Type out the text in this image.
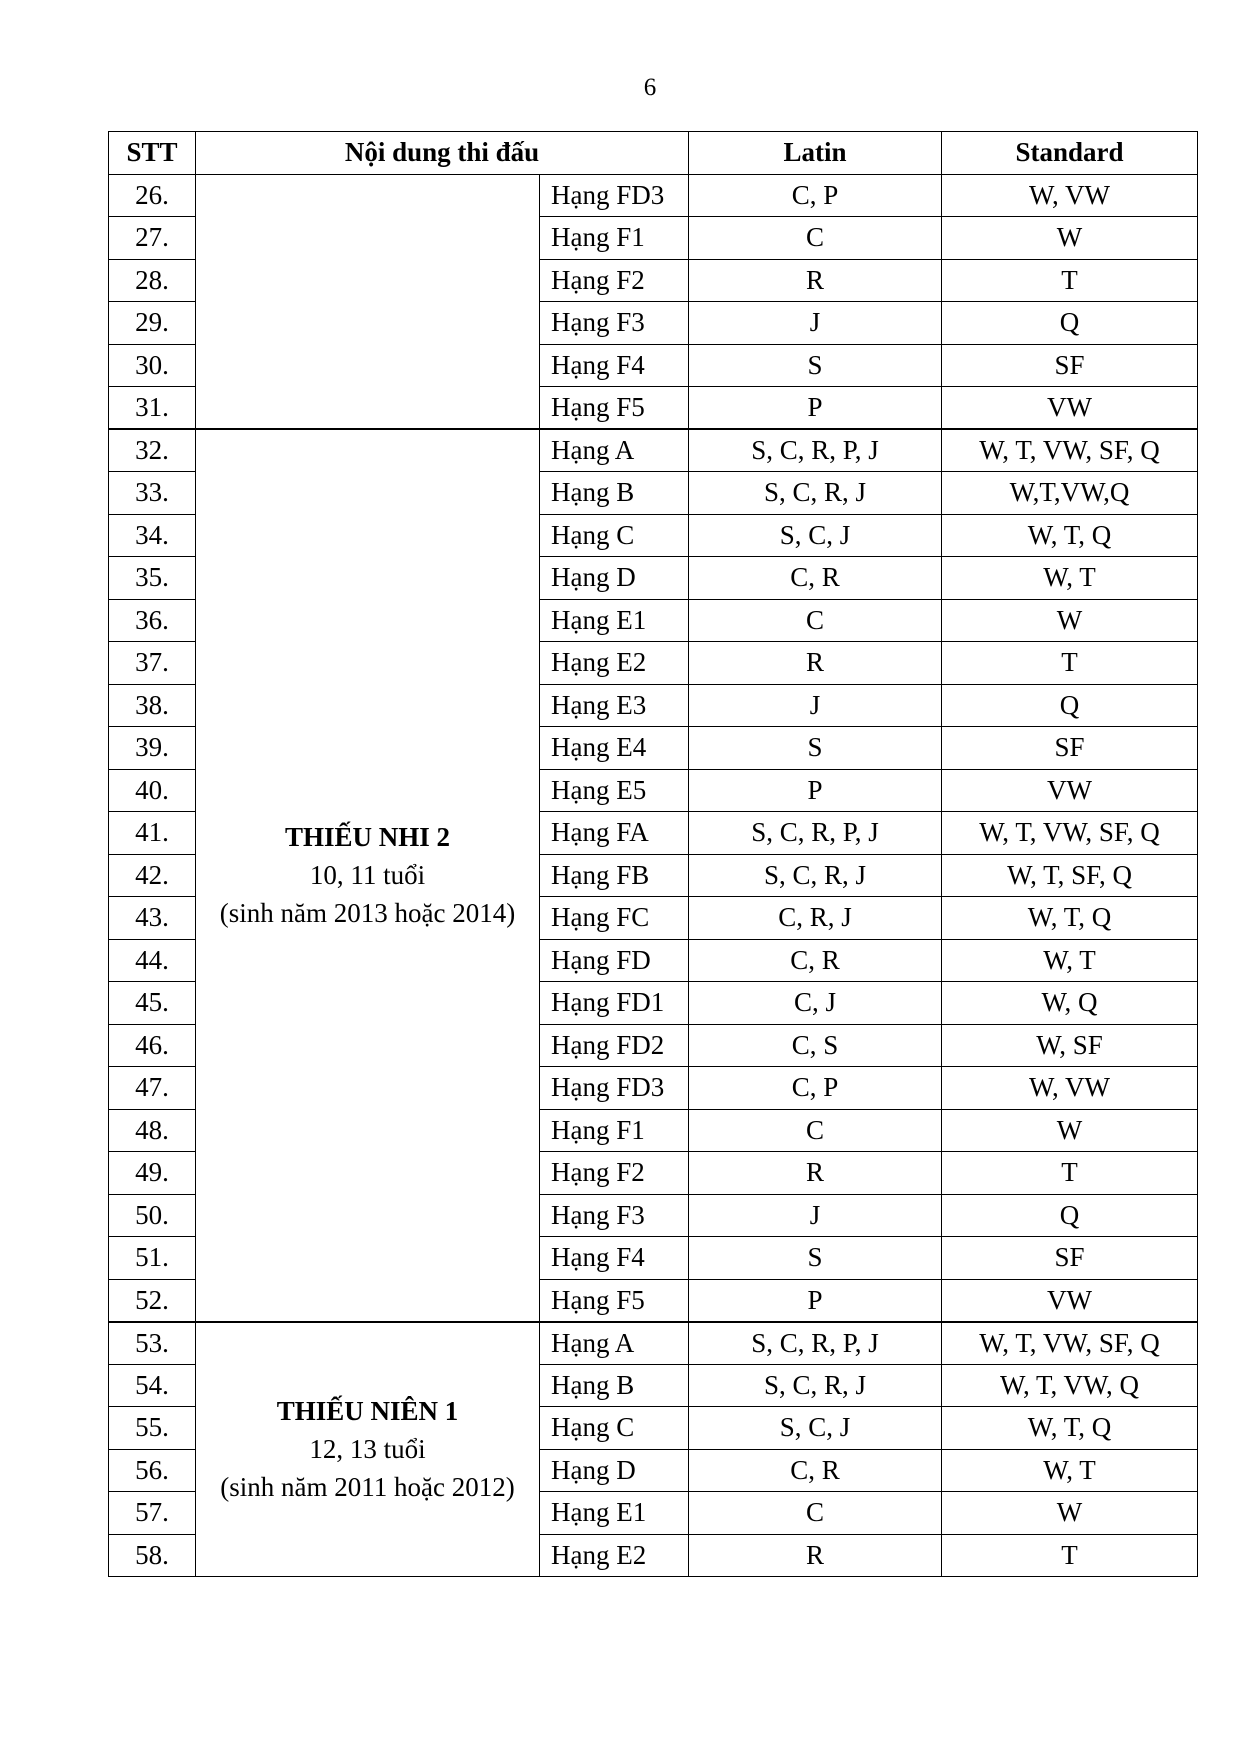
6
STT	Nội dung thi đấu		Latin	Standard
26.		Hạng FD3	C, P	W, VW
27.		Hạng F1	C	W
28.		Hạng F2	R	T
29.		Hạng F3	J	Q
30.		Hạng F4	S	SF
31.		Hạng F5	P	VW
32.	THIẾU NHI 2
10, 11 tuổi
(sinh năm 2013 hoặc 2014)	Hạng A	S, C, R, P, J	W, T, VW, SF, Q
33.		Hạng B	S, C, R, J	W,T,VW,Q
34.		Hạng C	S, C, J	W, T, Q
35.		Hạng D	C, R	W, T
36.		Hạng E1	C	W
37.		Hạng E2	R	T
38.		Hạng E3	J	Q
39.		Hạng E4	S	SF
40.		Hạng E5	P	VW
41.		Hạng FA	S, C, R, P, J	W, T, VW, SF, Q
42.		Hạng FB	S, C, R, J	W, T, SF, Q
43.		Hạng FC	C, R, J	W, T, Q
44.		Hạng FD	C, R	W, T
45.		Hạng FD1	C, J	W, Q
46.		Hạng FD2	C, S	W, SF
47.		Hạng FD3	C, P	W, VW
48.		Hạng F1	C	W
49.		Hạng F2	R	T
50.		Hạng F3	J	Q
51.		Hạng F4	S	SF
52.		Hạng F5	P	VW
53.	THIẾU NIÊN 1
12, 13 tuổi
(sinh năm 2011 hoặc 2012)	Hạng A	S, C, R, P, J	W, T, VW, SF, Q
54.		Hạng B	S, C, R, J	W, T, VW, Q
55.		Hạng C	S, C, J	W, T, Q
56.		Hạng D	C, R	W, T
57.		Hạng E1	C	W
58.		Hạng E2	R	T
